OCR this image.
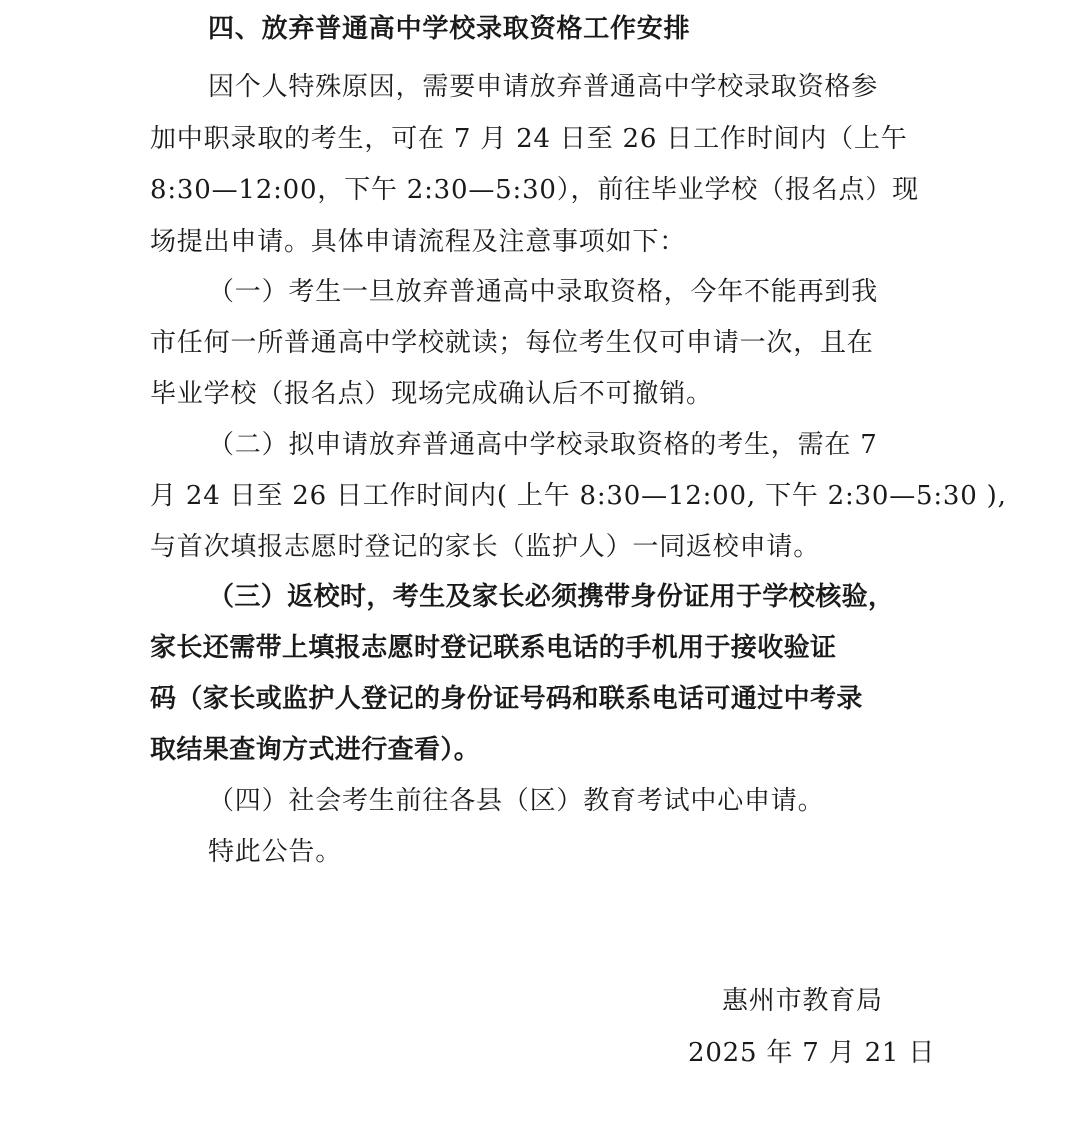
四、放弃普通高中学校录取资格工作安排
因个人特殊原因，需要申请放弃普通高中学校录取资格参
加中职录取的考生，可在 7 月 24 日至 26 日工作时间内（上午
8:30—12:00，下午 2:30—5:30），前往毕业学校（报名点）现
场提出申请。具体申请流程及注意事项如下：
（一）考生一旦放弃普通高中录取资格，今年不能再到我
市任何一所普通高中学校就读；每位考生仅可申请一次，且在
毕业学校（报名点）现场完成确认后不可撤销。
（二）拟申请放弃普通高中学校录取资格的考生，需在 7
月 24 日至 26 日工作时间内( 上午 8:30—12:00, 下午 2:30—5:30 ),
与首次填报志愿时登记的家长（监护人）一同返校申请。
（三）返校时，考生及家长必须携带身份证用于学校核验，
家长还需带上填报志愿时登记联系电话的手机用于接收验证
码（家长或监护人登记的身份证号码和联系电话可通过中考录
取结果查询方式进行查看）。
（四）社会考生前往各县（区）教育考试中心申请。
特此公告。
惠州市教育局
2025 年 7 月 21 日
